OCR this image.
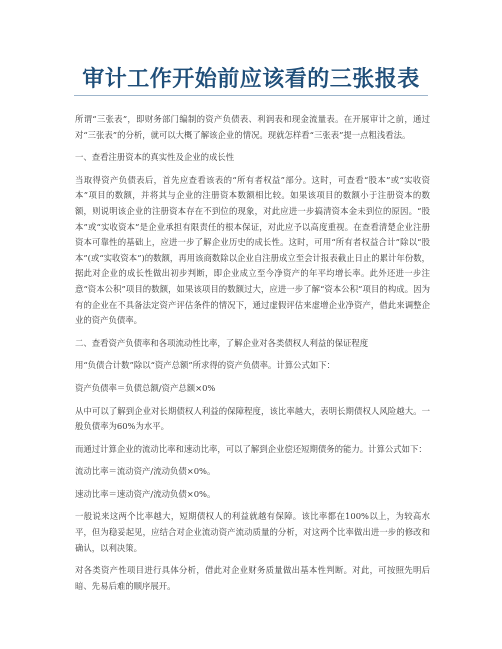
审计工作开始前应该看的三张报表

所谓“三张表”，即财务部门编制的资产负债表、利润表和现金流量表。在开展审计之前，通过对“三张表”的分析，就可以大概了解该企业的情况。现就怎样看“三张表”提一点粗浅看法。

一、查看注册资本的真实性及企业的成长性

当取得资产负债表后，首先应查看该表的“所有者权益”部分。这时，可查看“股本”或“实收资本”项目的数额，并将其与企业的注册资本数额相比较。如果该项目的数额小于注册资本的数额，则说明该企业的注册资本存在不到位的现象，对此应进一步搞清资本金未到位的原因。“股本”或“实收资本”是企业承担有限责任的根本保证，对此应予以高度重视。在查看清楚企业注册资本可靠性的基础上，应进一步了解企业历史的成长性。这时，可用“所有者权益合计”除以“股本”(或“实收资本”)的数额，再用该商数除以企业自注册成立至会计报表截止日止的累计年份数，据此对企业的成长性做出初步判断，即企业成立至今净资产的年平均增长率。此外还进一步注意“资本公积”项目的数额，如果该项目的数额过大，应进一步了解“资本公积”项目的构成。因为有的企业在不具备法定资产评估条件的情况下，通过虚假评估来虚增企业净资产，借此来调整企业的资产负债率。

二、查看资产负债率和各项流动性比率，了解企业对各类债权人利益的保证程度

用“负债合计数”除以“资产总额”所求得的资产负债率。计算公式如下：

资产负债率＝负债总额/资产总额×0%

从中可以了解到企业对长期债权人利益的保障程度，该比率越大，表明长期债权人风险越大。一般负债率为60%为水平。

而通过计算企业的流动比率和速动比率，可以了解到企业偿还短期债务的能力。计算公式如下：

流动比率＝流动资产/流动负债×0%。

速动比率＝速动资产/流动负债×0%。

一般说来这两个比率越大，短期债权人的利益就越有保障。该比率都在100%以上，为较高水平，但为稳妥起见，应结合对企业流动资产流动质量的分析，对这两个比率做出进一步的修改和确认，以利决策。

对各类资产性项目进行具体分析，借此对企业财务质量做出基本性判断。对此，可按照先明后暗、先易后难的顺序展开。
